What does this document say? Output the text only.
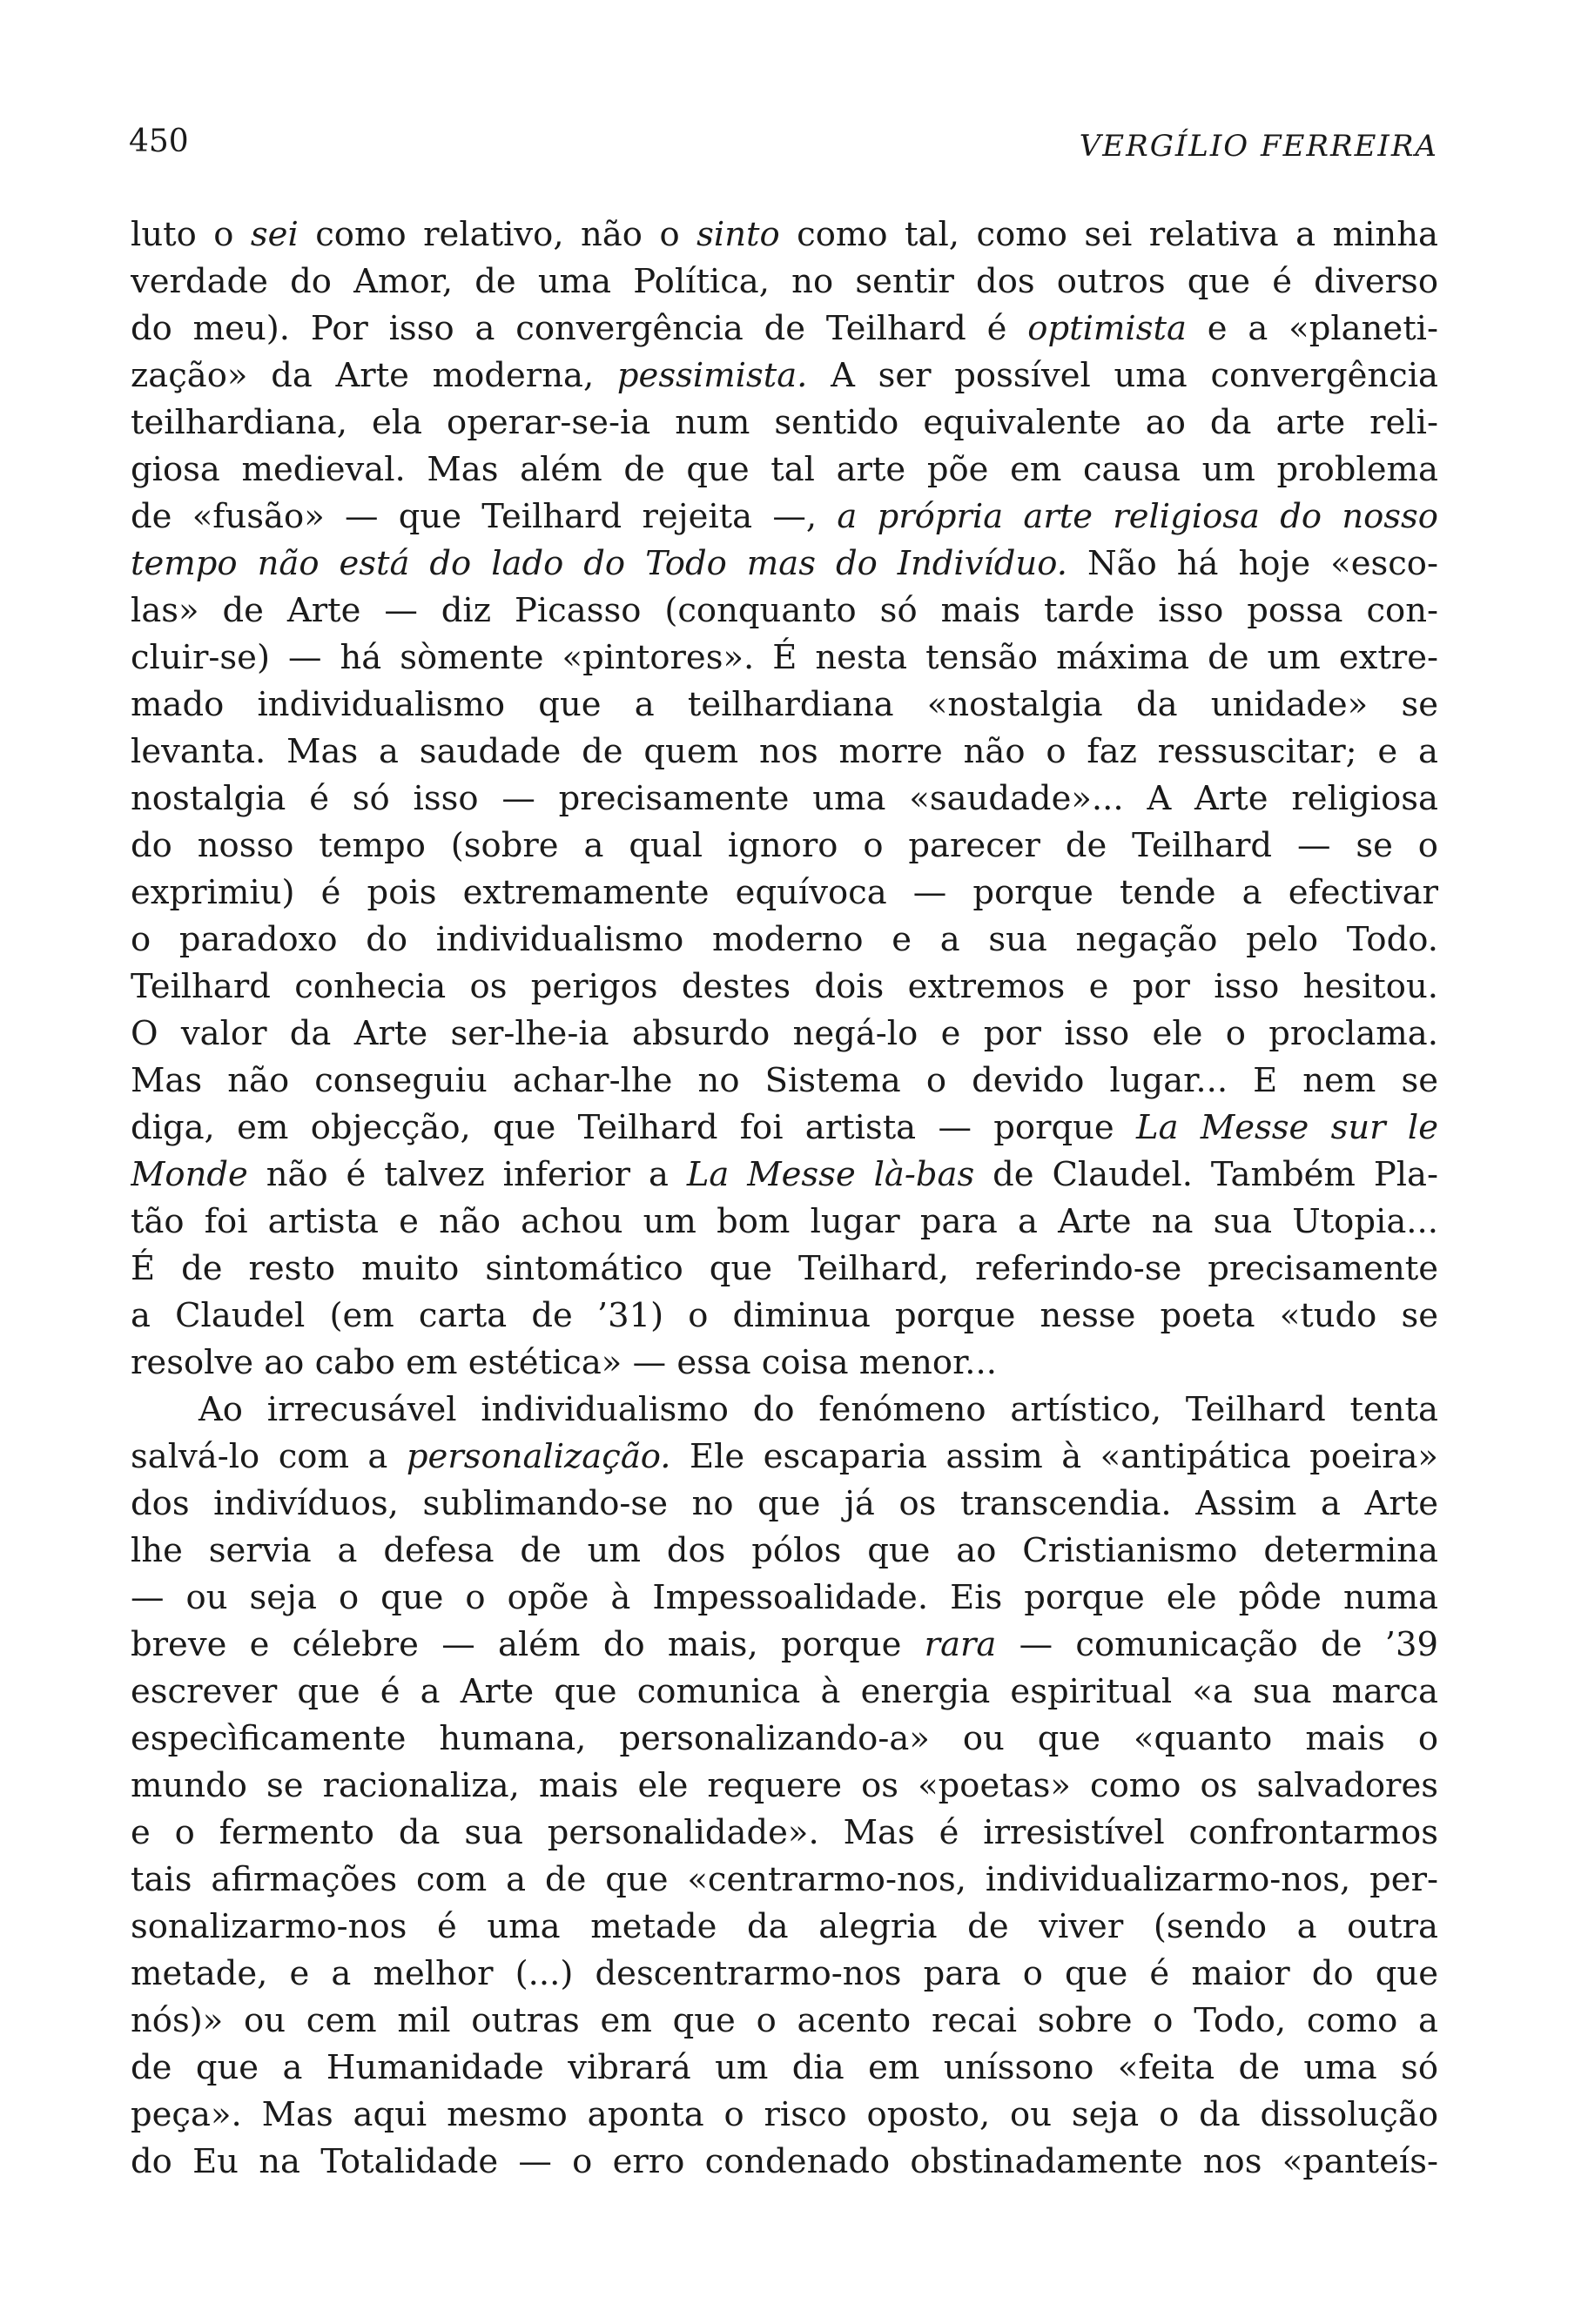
450	VERGÍLIO FERREIRA
luto o sei como relativo, não o sinto como tal, como sei relativa a minha
verdade do Amor, de uma Política, no sentir dos outros que é diverso
do meu). Por isso a convergência de Teilhard é optimista e a «planeti-
zação» da Arte moderna, pessimista. A ser possível uma convergência
teilhardiana, ela operar-se-ia num sentido equivalente ao da arte reli-
giosa medieval. Mas além de que tal arte põe em causa um problema
de «fusão» — que Teilhard rejeita —, a própria arte religiosa do nosso
tempo não está do lado do Todo mas do Indivíduo. Não há hoje «esco-
las» de Arte — diz Picasso (conquanto só mais tarde isso possa con-
cluir-se) — há sòmente «pintores». É nesta tensão máxima de um extre-
mado individualismo que a teilhardiana «nostalgia da unidade» se
levanta. Mas a saudade de quem nos morre não o faz ressuscitar; e a
nostalgia é só isso — precisamente uma «saudade»... A Arte religiosa
do nosso tempo (sobre a qual ignoro o parecer de Teilhard — se o
exprimiu) é pois extremamente equívoca — porque tende a efectivar
o paradoxo do individualismo moderno e a sua negação pelo Todo.
Teilhard conhecia os perigos destes dois extremos e por isso hesitou.
O valor da Arte ser-lhe-ia absurdo negá-lo e por isso ele o proclama.
Mas não conseguiu achar-lhe no Sistema o devido lugar... E nem se
diga, em objecção, que Teilhard foi artista — porque La Messe sur le
Monde não é talvez inferior a La Messe là-bas de Claudel. Também Pla-
tão foi artista e não achou um bom lugar para a Arte na sua Utopia...
É de resto muito sintomático que Teilhard, referindo-se precisamente
a Claudel (em carta de ’31) o diminua porque nesse poeta «tudo se
resolve ao cabo em estética» — essa coisa menor...
Ao irrecusável individualismo do fenómeno artístico, Teilhard tenta
salvá-lo com a personalização. Ele escaparia assim à «antipática poeira»
dos indivíduos, sublimando-se no que já os transcendia. Assim a Arte
lhe servia a defesa de um dos pólos que ao Cristianismo determina
— ou seja o que o opõe à Impessoalidade. Eis porque ele pôde numa
breve e célebre — além do mais, porque rara — comunicação de ’39
escrever que é a Arte que comunica à energia espiritual «a sua marca
especìficamente humana, personalizando-a» ou que «quanto mais o
mundo se racionaliza, mais ele requere os «poetas» como os salvadores
e o fermento da sua personalidade». Mas é irresistível confrontarmos
tais afirmações com a de que «centrarmo-nos, individualizarmo-nos, per-
sonalizarmo-nos é uma metade da alegria de viver (sendo a outra
metade, e a melhor (...) descentrarmo-nos para o que é maior do que
nós)» ou cem mil outras em que o acento recai sobre o Todo, como a
de que a Humanidade vibrará um dia em uníssono «feita de uma só
peça». Mas aqui mesmo aponta o risco oposto, ou seja o da dissolução
do Eu na Totalidade — o erro condenado obstinadamente nos «panteís-
